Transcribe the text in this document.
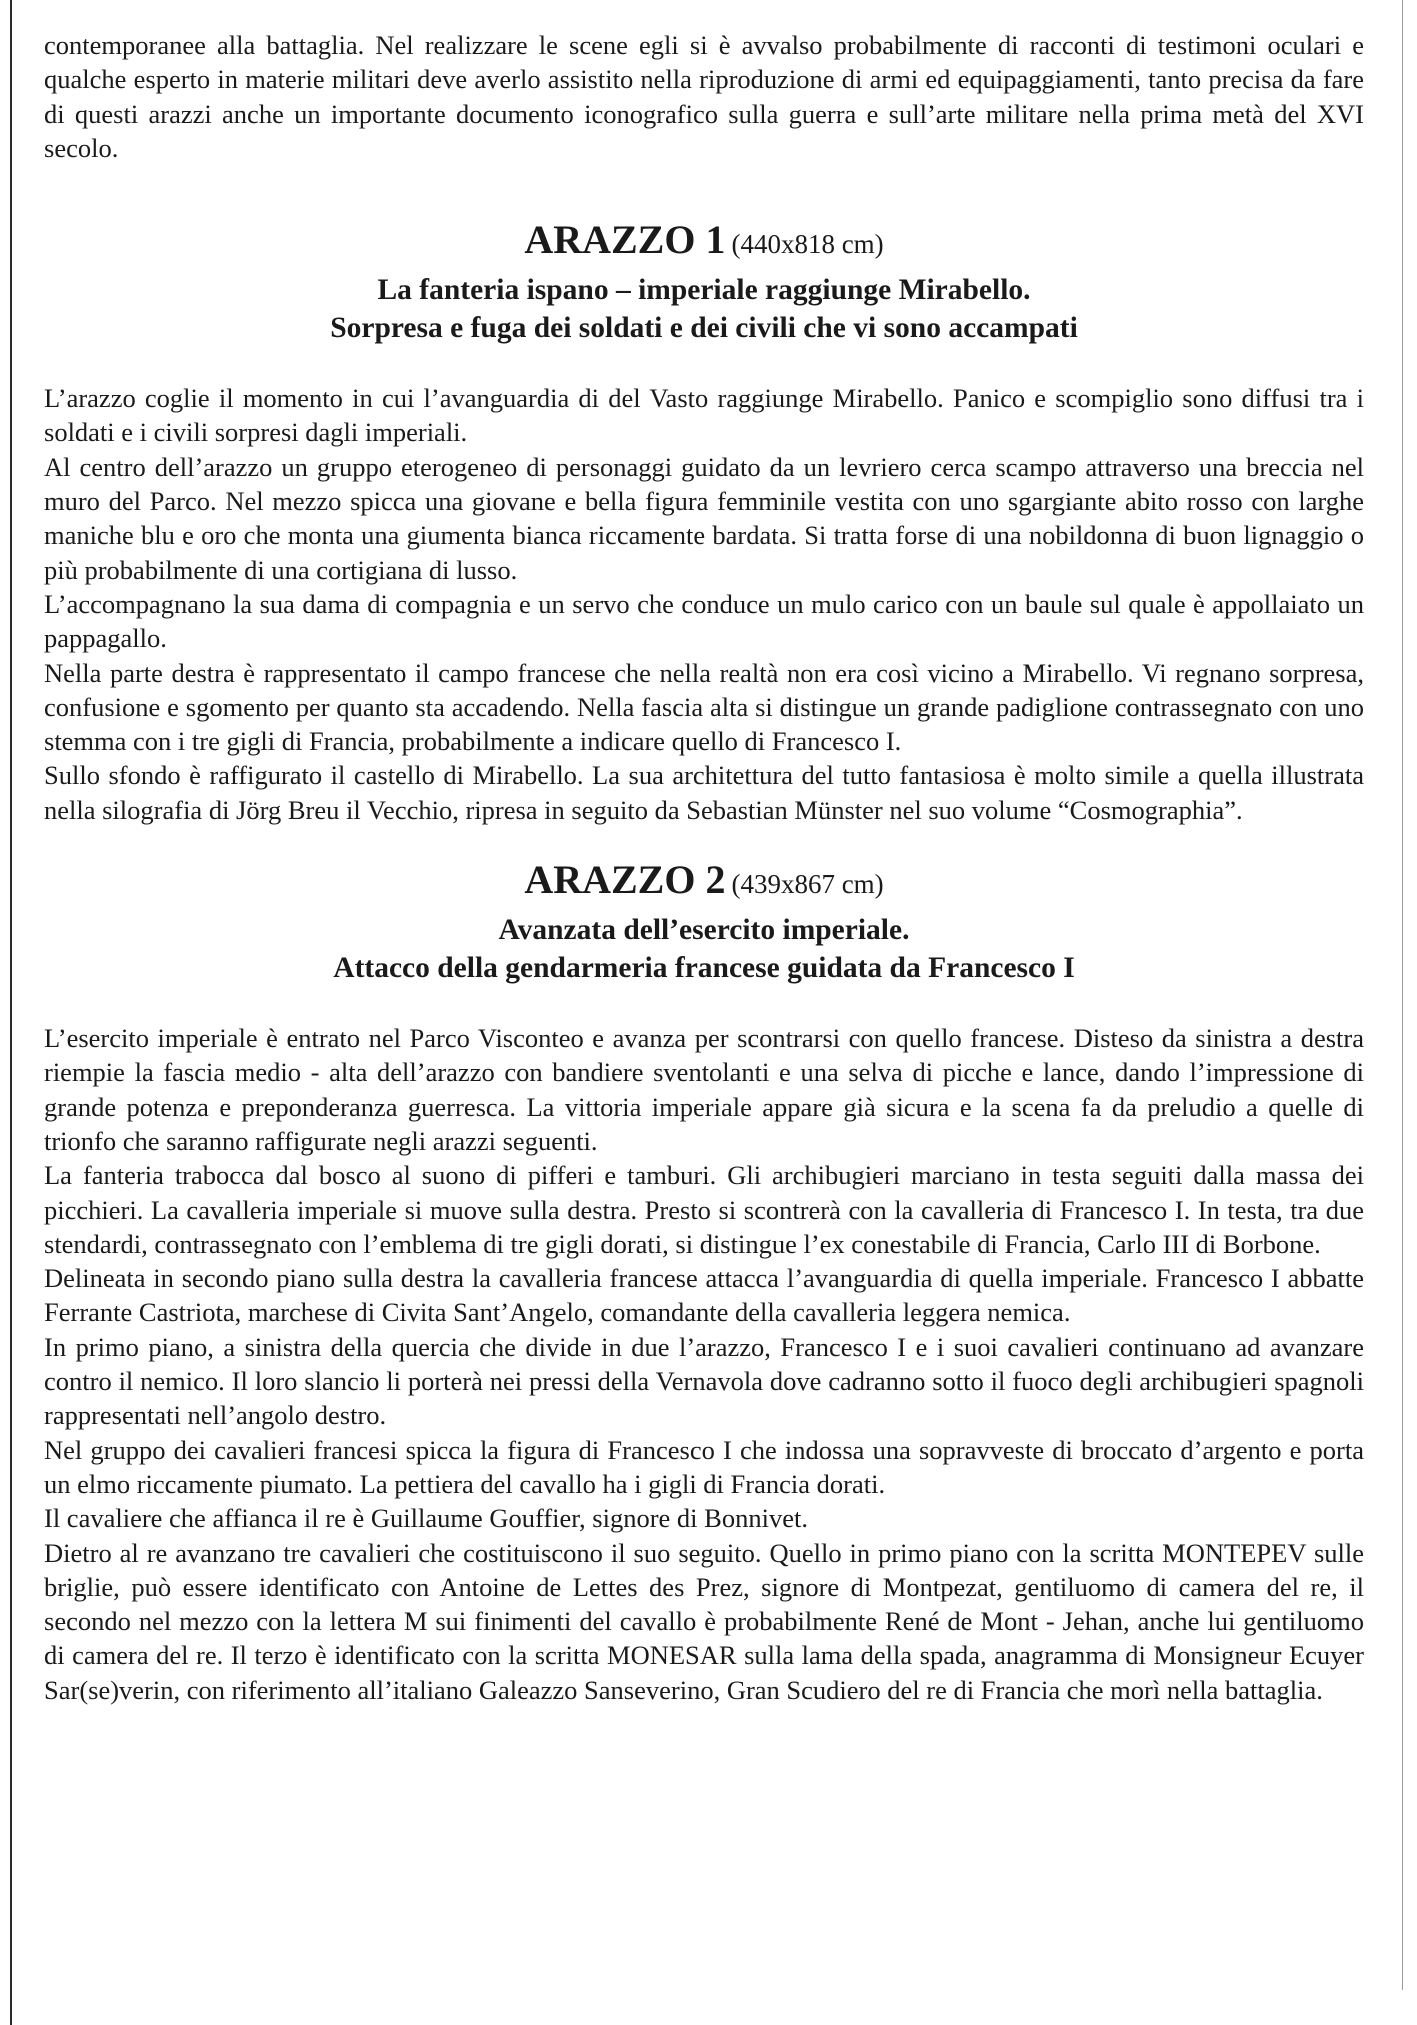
contemporanee alla battaglia. Nel realizzare le scene egli si è avvalso probabilmente di racconti di testimoni oculari e qualche esperto in materie militari deve averlo assistito nella riproduzione di armi ed equipaggiamenti, tanto precisa da fare di questi arazzi anche un importante documento iconografico sulla guerra e sull’arte militare nella prima metà del XVI secolo.

ARAZZO 1 (440x818 cm)
La fanteria ispano – imperiale raggiunge Mirabello.
Sorpresa e fuga dei soldati e dei civili che vi sono accampati

L’arazzo coglie il momento in cui l’avanguardia di del Vasto raggiunge Mirabello. Panico e scompiglio sono diffusi tra i soldati e i civili sorpresi dagli imperiali.

Al centro dell’arazzo un gruppo eterogeneo di personaggi guidato da un levriero cerca scampo attraverso una breccia nel muro del Parco. Nel mezzo spicca una giovane e bella figura femminile vestita con uno sgargiante abito rosso con larghe maniche blu e oro che monta una giumenta bianca riccamente bardata. Si tratta forse di una nobildonna di buon lignaggio o più probabilmente di una cortigiana di lusso.

L’accompagnano la sua dama di compagnia e un servo che conduce un mulo carico con un baule sul quale è appollaiato un pappagallo.

Nella parte destra è rappresentato il campo francese che nella realtà non era così vicino a Mirabello. Vi regnano sorpresa, confusione e sgomento per quanto sta accadendo. Nella fascia alta si distingue un grande padiglione contrassegnato con uno stemma con i tre gigli di Francia, probabilmente a indicare quello di Francesco I.

Sullo sfondo è raffigurato il castello di Mirabello. La sua architettura del tutto fantasiosa è molto simile a quella illustrata nella silografia di Jörg Breu il Vecchio, ripresa in seguito da Sebastian Münster nel suo volume “Cosmographia”.

ARAZZO 2 (439x867 cm)
Avanzata dell’esercito imperiale.
Attacco della gendarmeria francese guidata da Francesco I

L’esercito imperiale è entrato nel Parco Visconteo e avanza per scontrarsi con quello francese. Disteso da sinistra a destra riempie la fascia medio - alta dell’arazzo con bandiere sventolanti e una selva di picche e lance, dando l’impressione di grande potenza e preponderanza guerresca. La vittoria imperiale appare già sicura e la scena fa da preludio a quelle di trionfo che saranno raffigurate negli arazzi seguenti.

La fanteria trabocca dal bosco al suono di pifferi e tamburi. Gli archibugieri marciano in testa seguiti dalla massa dei picchieri. La cavalleria imperiale si muove sulla destra. Presto si scontrerà con la cavalleria di Francesco I. In testa, tra due stendardi, contrassegnato con l’emblema di tre gigli dorati, si distingue l’ex conestabile di Francia, Carlo III di Borbone.

Delineata in secondo piano sulla destra la cavalleria francese attacca l’avanguardia di quella imperiale. Francesco I abbatte Ferrante Castriota, marchese di Civita Sant’Angelo, comandante della cavalleria leggera nemica.

In primo piano, a sinistra della quercia che divide in due l’arazzo, Francesco I e i suoi cavalieri continuano ad avanzare contro il nemico. Il loro slancio li porterà nei pressi della Vernavola dove cadranno sotto il fuoco degli archibugieri spagnoli rappresentati nell’angolo destro.

Nel gruppo dei cavalieri francesi spicca la figura di Francesco I che indossa una sopravveste di broccato d’argento e porta un elmo riccamente piumato. La pettiera del cavallo ha i gigli di Francia dorati.

Il cavaliere che affianca il re è Guillaume Gouffier, signore di Bonnivet.

Dietro al re avanzano tre cavalieri che costituiscono il suo seguito. Quello in primo piano con la scritta MONTEPEV sulle briglie, può essere identificato con Antoine de Lettes des Prez, signore di Montpezat, gentiluomo di camera del re, il secondo nel mezzo con la lettera M sui finimenti del cavallo è probabilmente René de Mont - Jehan, anche lui gentiluomo di camera del re. Il terzo è identificato con la scritta MONESAR sulla lama della spada, anagramma di Monsigneur Ecuyer Sar(se)verin, con riferimento all’italiano Galeazzo Sanseverino, Gran Scudiero del re di Francia che morì nella battaglia.
